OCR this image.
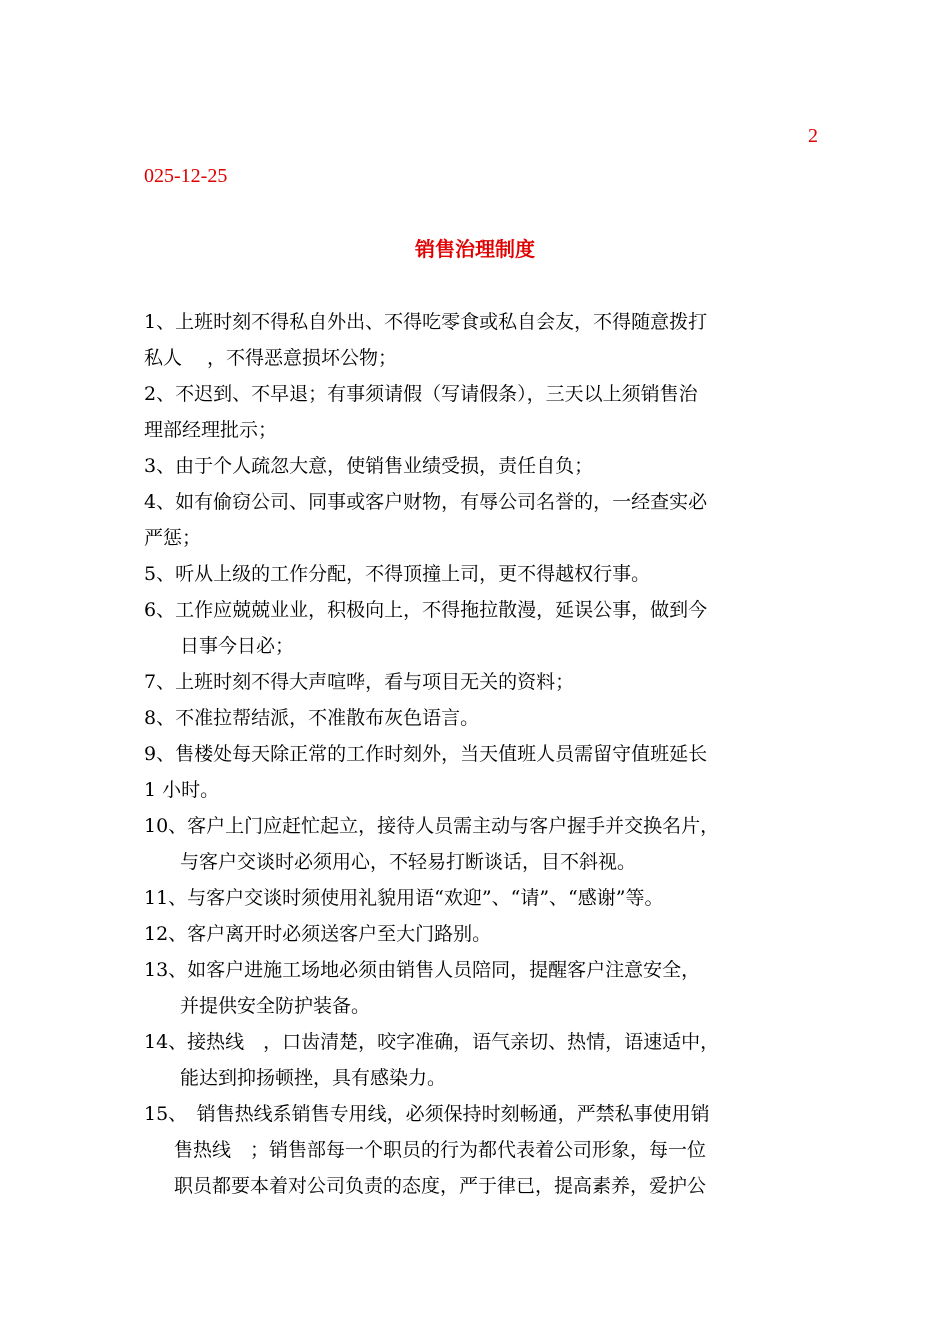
2
025-12-25
销售治理制度
1、上班时刻不得私自外出、不得吃零食或私自会友，不得随意拨打
私人　 ，不得恶意损坏公物；
2、不迟到、不早退；有事须请假（写请假条），三天以上须销售治
理部经理批示；
3、由于个人疏忽大意，使销售业绩受损，责任自负；
4、如有偷窃公司、同事或客户财物，有辱公司名誉的，一经查实必
严惩；
5、听从上级的工作分配，不得顶撞上司，更不得越权行事。
6、工作应兢兢业业，积极向上，不得拖拉散漫，延误公事，做到今
日事今日必；
7、上班时刻不得大声喧哗，看与项目无关的资料；
8、不准拉帮结派，不准散布灰色语言。
9、售楼处每天除正常的工作时刻外，当天值班人员需留守值班延长
1 小时。
10、客户上门应赶忙起立，接待人员需主动与客户握手并交换名片，
与客户交谈时必须用心，不轻易打断谈话，目不斜视。
11、与客户交谈时须使用礼貌用语“欢迎”、“请”、“感谢”等。
12、客户离开时必须送客户至大门路别。
13、如客户进施工场地必须由销售人员陪同，提醒客户注意安全，
并提供安全防护装备。
14、接热线　，口齿清楚，咬字准确，语气亲切、热情，语速适中，
能达到抑扬顿挫，具有感染力。
15、　销售热线系销售专用线，必须保持时刻畅通，严禁私事使用销
售热线　；销售部每一个职员的行为都代表着公司形象，每一位
职员都要本着对公司负责的态度，严于律已，提高素养，爱护公
